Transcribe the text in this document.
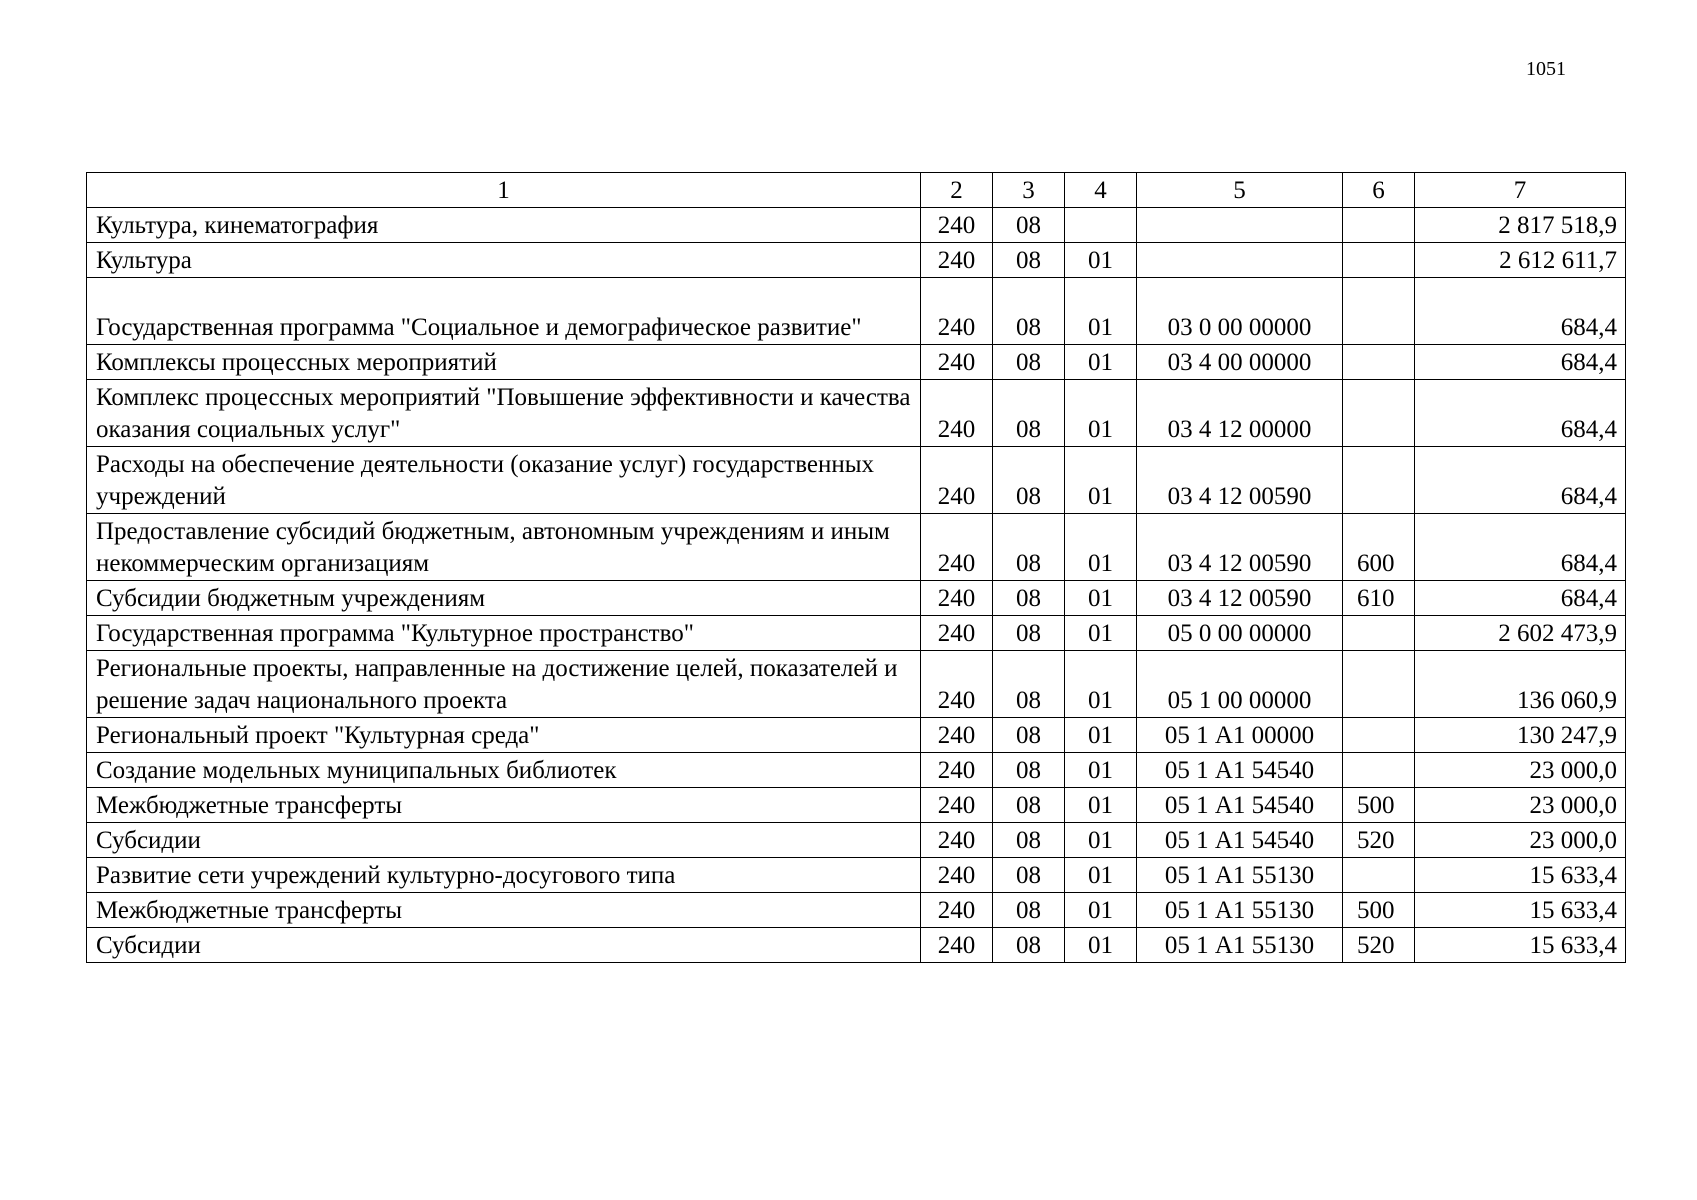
1051
1	2	3	4	5	6	7
Культура, кинематография	240	08				2 817 518,9
Культура	240	08	01			2 612 611,7
Государственная программа "Социальное и демографическое развитие"	240	08	01	03 0 00 00000		684,4
Комплексы процессных мероприятий	240	08	01	03 4 00 00000		684,4
Комплекс процессных мероприятий "Повышение эффективности и качества оказания социальных услуг"	240	08	01	03 4 12 00000		684,4
Расходы на обеспечение деятельности (оказание услуг) государственных учреждений	240	08	01	03 4 12 00590		684,4
Предоставление субсидий бюджетным, автономным учреждениям и иным некоммерческим организациям	240	08	01	03 4 12 00590	600	684,4
Субсидии бюджетным учреждениям	240	08	01	03 4 12 00590	610	684,4
Государственная программа "Культурное пространство"	240	08	01	05 0 00 00000		2 602 473,9
Региональные проекты, направленные на достижение целей, показателей и решение задач национального проекта	240	08	01	05 1 00 00000		136 060,9
Региональный проект "Культурная среда"	240	08	01	05 1 А1 00000		130 247,9
Создание модельных муниципальных библиотек	240	08	01	05 1 А1 54540		23 000,0
Межбюджетные трансферты	240	08	01	05 1 А1 54540	500	23 000,0
Субсидии	240	08	01	05 1 А1 54540	520	23 000,0
Развитие сети учреждений культурно-досугового типа	240	08	01	05 1 А1 55130		15 633,4
Межбюджетные трансферты	240	08	01	05 1 А1 55130	500	15 633,4
Субсидии	240	08	01	05 1 А1 55130	520	15 633,4
